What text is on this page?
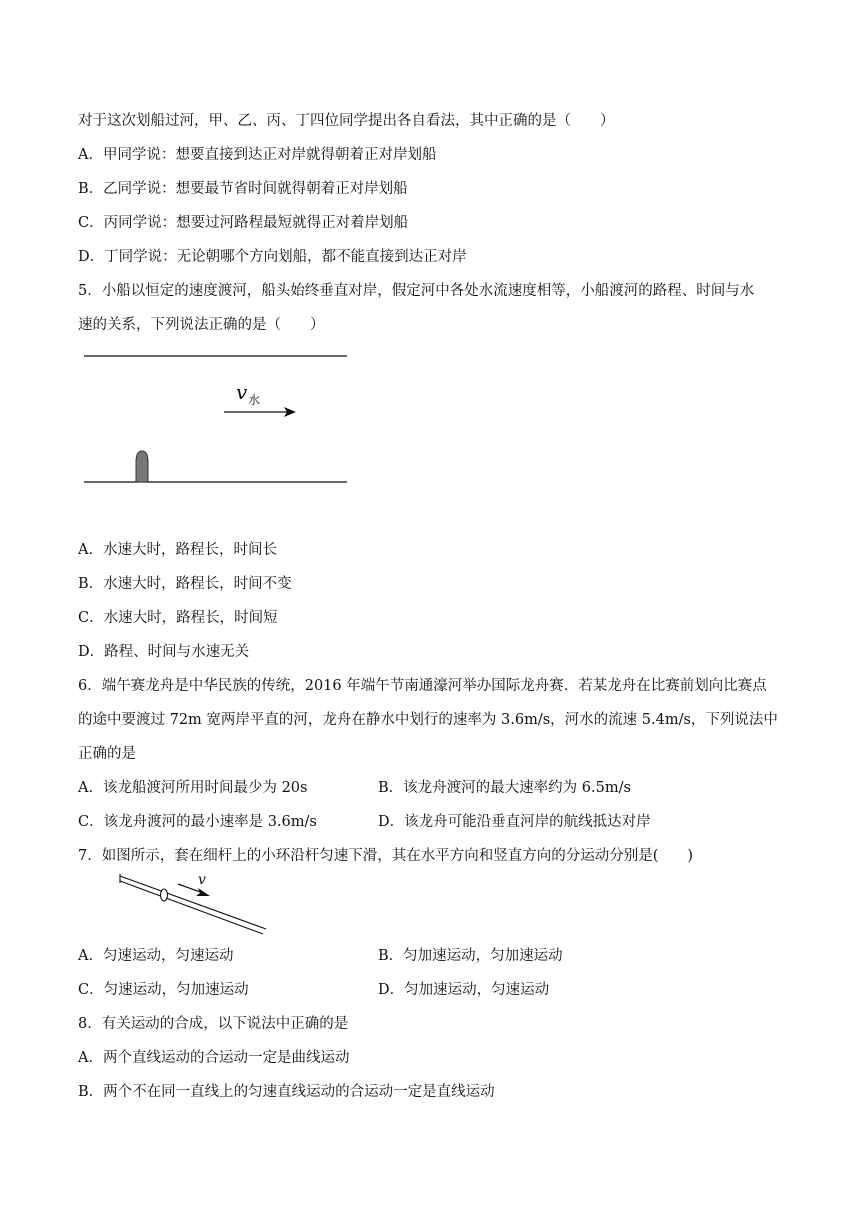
对于这次划船过河，甲、乙、丙、丁四位同学提出各自看法，其中正确的是（　　）
A．甲同学说：想要直接到达正对岸就得朝着正对岸划船
B．乙同学说：想要最节省时间就得朝着正对岸划船
C．丙同学说：想要过河路程最短就得正对着岸划船
D．丁同学说：无论朝哪个方向划船，都不能直接到达正对岸
5．小船以恒定的速度渡河，船头始终垂直对岸，假定河中各处水流速度相等，小船渡河的路程、时间与水
速的关系，下列说法正确的是（　　）
v 水
A．水速大时，路程长，时间长
B．水速大时，路程长，时间不变
C．水速大时，路程长，时间短
D．路程、时间与水速无关
6．端午赛龙舟是中华民族的传统，2016 年端午节南通濠河举办国际龙舟赛．若某龙舟在比赛前划向比赛点
的途中要渡过 72m 宽两岸平直的河，龙舟在静水中划行的速率为 3.6m/s，河水的流速 5.4m/s，下列说法中
正确的是
A．该龙船渡河所用时间最少为 20s	B．该龙舟渡河的最大速率约为 6.5m/s
C．该龙舟渡河的最小速率是 3.6m/s	D．该龙舟可能沿垂直河岸的航线抵达对岸
7．如图所示，套在细杆上的小环沿杆匀速下滑，其在水平方向和竖直方向的分运动分别是(　　)
v
A．匀速运动，匀速运动	B．匀加速运动，匀加速运动
C．匀速运动，匀加速运动	D．匀加速运动，匀速运动
8．有关运动的合成，以下说法中正确的是
A．两个直线运动的合运动一定是曲线运动
B．两个不在同一直线上的匀速直线运动的合运动一定是直线运动
